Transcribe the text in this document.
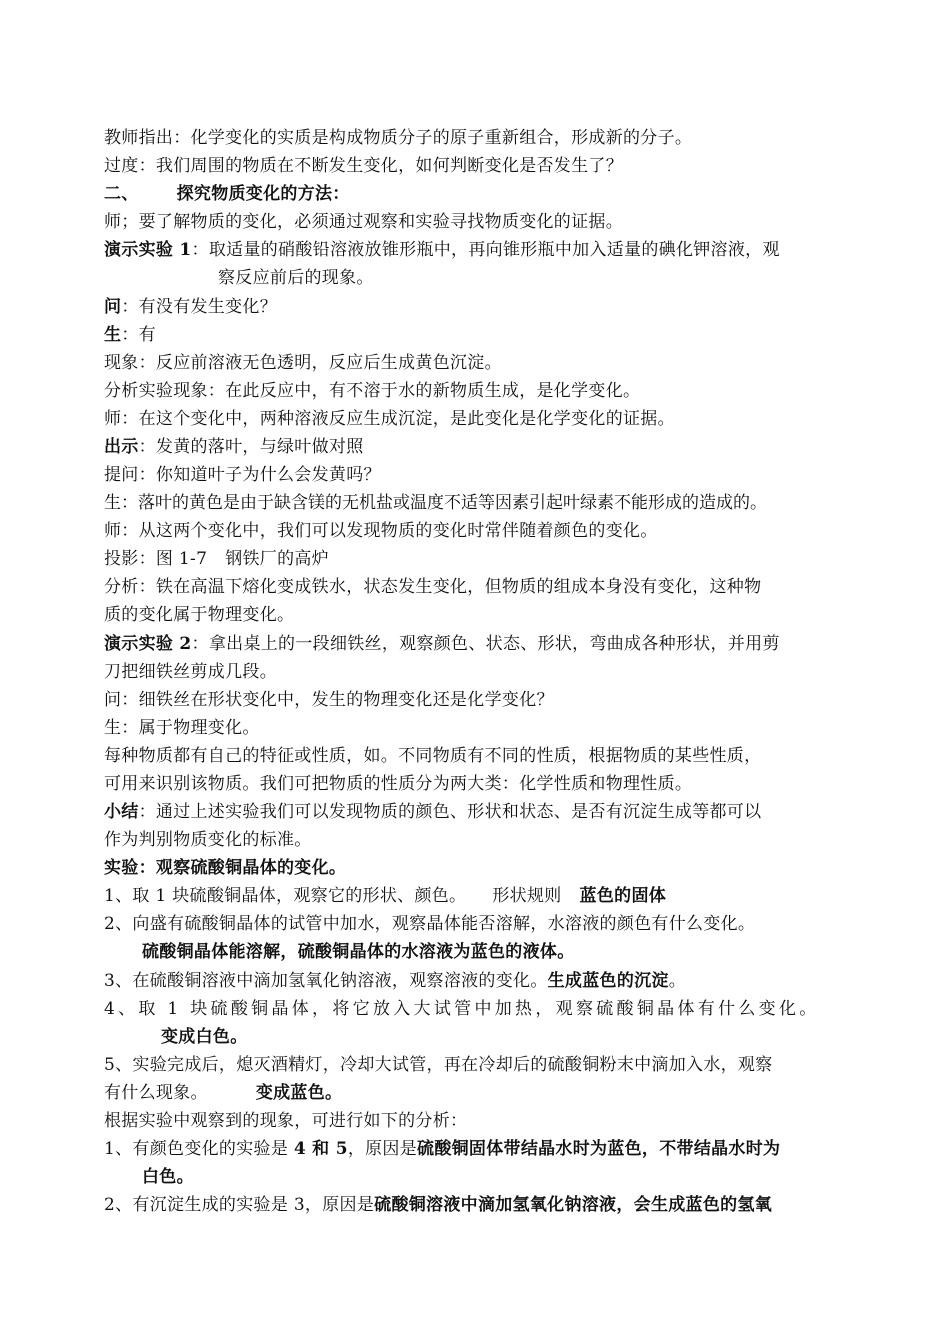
教师指出：化学变化的实质是构成物质分子的原子重新组合，形成新的分子。
过度：我们周围的物质在不断发生变化，如何判断变化是否发生了？
二、 探究物质变化的方法：
师；要了解物质的变化，必须通过观察和实验寻找物质变化的证据。
演示实验 1：取适量的硝酸铅溶液放锥形瓶中，再向锥形瓶中加入适量的碘化钾溶液，观
察反应前后的现象。
问：有没有发生变化？
生：有
现象：反应前溶液无色透明，反应后生成黄色沉淀。
分析实验现象：在此反应中，有不溶于水的新物质生成，是化学变化。
师：在这个变化中，两种溶液反应生成沉淀，是此变化是化学变化的证据。
出示：发黄的落叶，与绿叶做对照
提问：你知道叶子为什么会发黄吗？
生：落叶的黄色是由于缺含镁的无机盐或温度不适等因素引起叶绿素不能形成的造成的。
师：从这两个变化中，我们可以发现物质的变化时常伴随着颜色的变化。
投影：图 1-7 钢铁厂的高炉
分析：铁在高温下熔化变成铁水，状态发生变化，但物质的组成本身没有变化，这种物
质的变化属于物理变化。
演示实验 2：拿出桌上的一段细铁丝，观察颜色、状态、形状，弯曲成各种形状，并用剪
刀把细铁丝剪成几段。
问：细铁丝在形状变化中，发生的物理变化还是化学变化？
生：属于物理变化。
每种物质都有自己的特征或性质，如。不同物质有不同的性质，根据物质的某些性质，
可用来识别该物质。我们可把物质的性质分为两大类：化学性质和物理性质。
小结：通过上述实验我们可以发现物质的颜色、形状和状态、是否有沉淀生成等都可以
作为判别物质变化的标准。
实验：观察硫酸铜晶体的变化。
1、取 1 块硫酸铜晶体，观察它的形状、颜色。 形状规则 蓝色的固体
2、向盛有硫酸铜晶体的试管中加水，观察晶体能否溶解，水溶液的颜色有什么变化。
硫酸铜晶体能溶解，硫酸铜晶体的水溶液为蓝色的液体。
3、在硫酸铜溶液中滴加氢氧化钠溶液，观察溶液的变化。生成蓝色的沉淀。
4、取 1 块硫酸铜晶体，将它放入大试管中加热，观察硫酸铜晶体有什么变化。
变成白色。
5、实验完成后，熄灭酒精灯，冷却大试管，再在冷却后的硫酸铜粉末中滴加入水，观察
有什么现象。	变成蓝色。
根据实验中观察到的现象，可进行如下的分析：
1、有颜色变化的实验是 4 和 5，原因是硫酸铜固体带结晶水时为蓝色，不带结晶水时为
白色。
2、有沉淀生成的实验是 3，原因是硫酸铜溶液中滴加氢氧化钠溶液，会生成蓝色的氢氧
